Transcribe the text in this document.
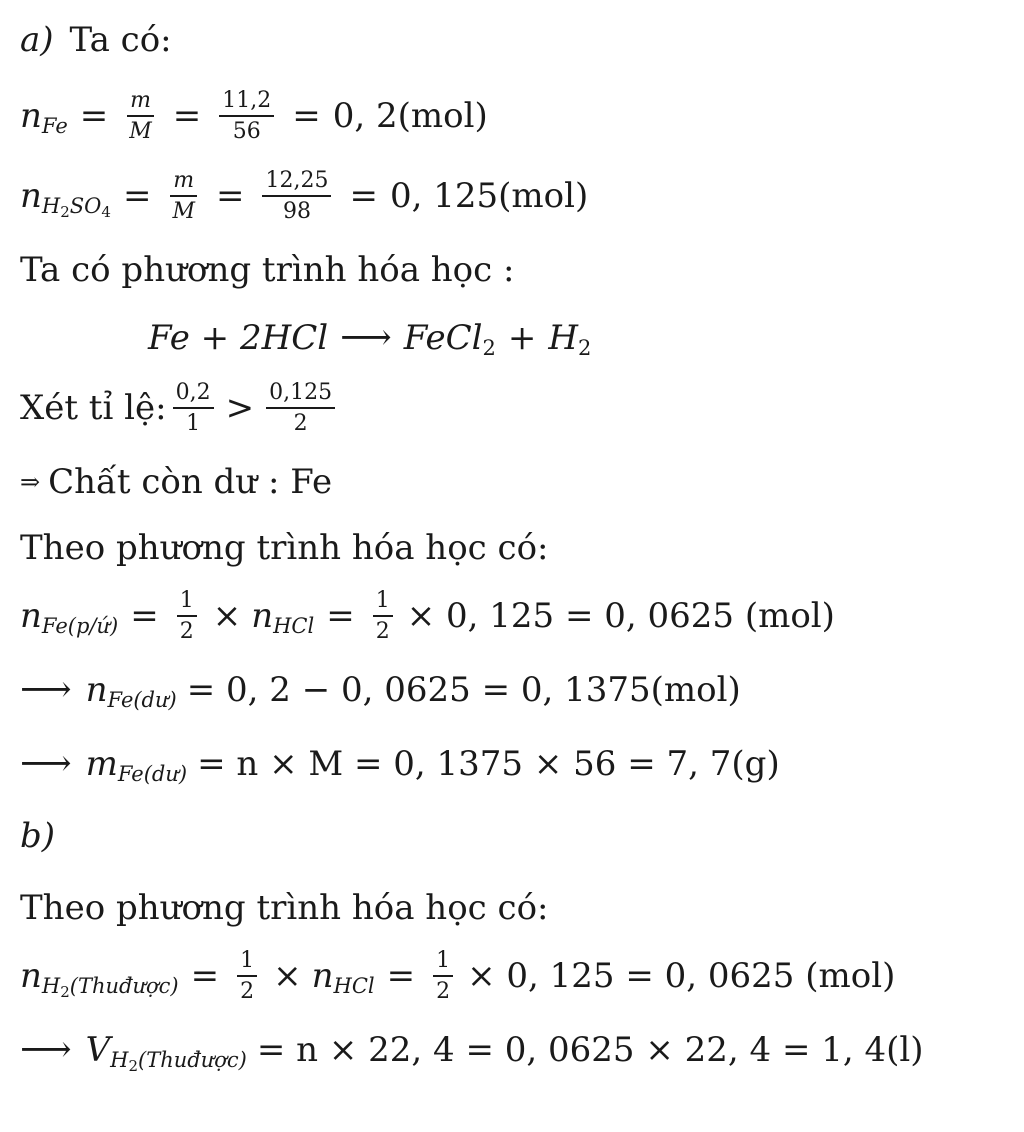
a) Ta có:
n $Fe = \frac{m}{M} = \frac{11,2}{56} = 0$, 2(mol)
n $H2SO4 = \frac{m}{M} = \frac{12,25}{98} = 0$, 125(mol)
Ta có phương trình hóa học :
Fe + 2HCl ⟶ FeCl 2 + H 2
Xét tỉ lệ: $\frac{0,2}{1} > \frac{0,125}{2}$
⇒ Chất còn dư : Fe
Theo phương trình hóa học có:
n Fe(p/ứ) = $\frac{1}{2} \times n$ HCl = $\frac{1}{2} \times 0$, 125 = 0, 0625 (mol)
⟶ n Fe(dư) = 0, 2 − 0, 0625 = 0, 1375(mol)
⟶ m Fe(dư) = n × M = 0, 1375 × 56 = 7, 7(g)
b)
Theo phương trình hóa học có:
n H2(Thuđược) = $\frac{1}{2} \times n$ HCl = $\frac{1}{2} \times 0$, 125 = 0, 0625 (mol)
⟶ V H2(Thuđược) = n × 22, 4 = 0, 0625 × 22, 4 = 1, 4(l)
